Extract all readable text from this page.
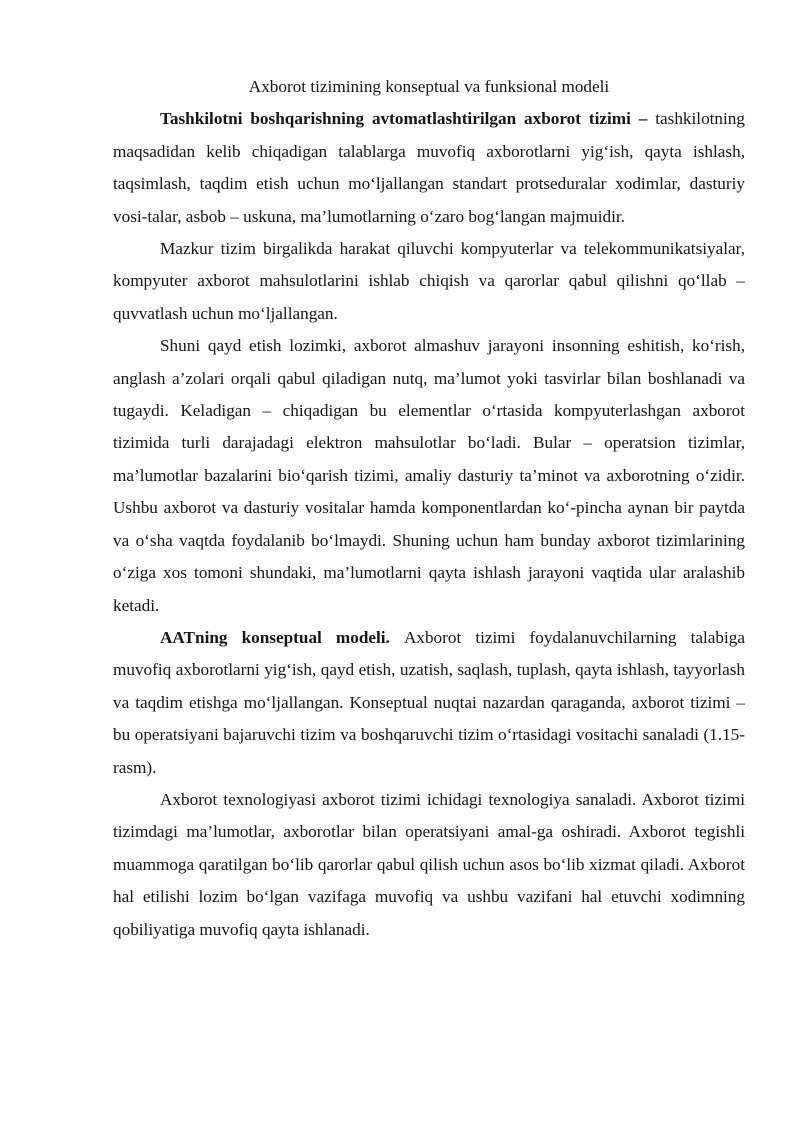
Axborot tizimining konseptual va funksional modeli

Tashkilotni boshqarishning avtomatlashtirilgan axborot tizimi – tashkilotning maqsadidan kelib chiqadigan talablarga muvofiq axborotlarni yig‘ish, qayta ishlash, taqsimlash, taqdim etish uchun mo‘ljallangan standart protseduralar xodimlar, dasturiy vosi-talar, asbob – uskuna, ma’lumotlarning o‘zaro bog‘langan majmuidir.

Mazkur tizim birgalikda harakat qiluvchi kompyuterlar va telekommunikatsiyalar, kompyuter axborot mahsulotlarini ishlab chiqish va qarorlar qabul qilishni qo‘llab – quvvatlash uchun mo‘ljallangan.

Shuni qayd etish lozimki, axborot almashuv jarayoni insonning eshitish, ko‘rish, anglash a’zolari orqali qabul qiladigan nutq, ma’lumot yoki tasvirlar bilan boshlanadi va tugaydi. Keladigan – chiqadigan bu elementlar o‘rtasida kompyuterlashgan axborot tizimida turli darajadagi elektron mahsulotlar bo‘ladi. Bular – operatsion tizimlar, ma’lumotlar bazalarini bio‘qarish tizimi, amaliy dasturiy ta’minot va axborotning o‘zidir. Ushbu axborot va dasturiy vositalar hamda komponentlardan ko‘-pincha aynan bir paytda va o‘sha vaqtda foydalanib bo‘lmaydi. Shuning uchun ham bunday axborot tizimlarining o‘ziga xos tomoni shundaki, ma’lumotlarni qayta ishlash jarayoni vaqtida ular aralashib ketadi.

AATning konseptual modeli. Axborot tizimi foydalanuvchilarning talabiga muvofiq axborotlarni yig‘ish, qayd etish, uzatish, saqlash, tuplash, qayta ishlash, tayyorlash va taqdim etishga mo‘ljallangan. Konseptual nuqtai nazardan qaraganda, axborot tizimi – bu operatsiyani bajaruvchi tizim va boshqaruvchi tizim o‘rtasidagi vositachi sanaladi (1.15-rasm).

Axborot texnologiyasi axborot tizimi ichidagi texnologiya sanaladi. Axborot tizimi tizimdagi ma’lumotlar, axborotlar bilan operatsiyani amal-ga oshiradi. Axborot tegishli muammoga qaratilgan bo‘lib qarorlar qabul qilish uchun asos bo‘lib xizmat qiladi. Axborot hal etilishi lozim bo‘lgan vazifaga muvofiq va ushbu vazifani hal etuvchi xodimning qobiliyatiga muvofiq qayta ishlanadi.
